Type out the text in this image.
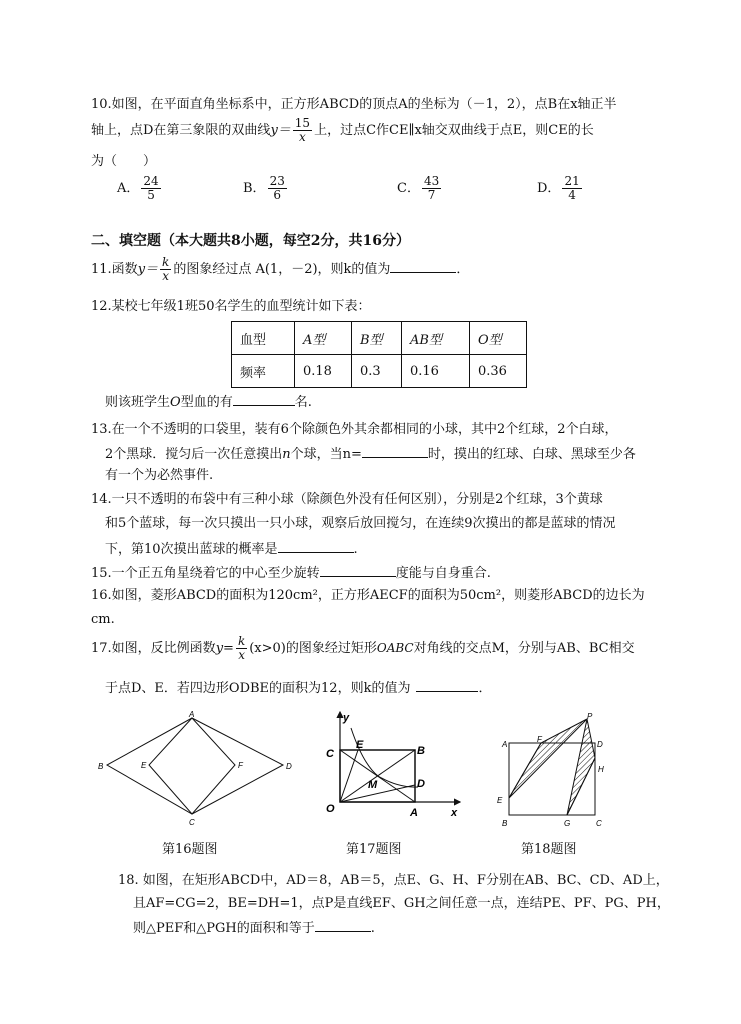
10.如图，在平面直角坐标系中，正方形ABCD的顶点A的坐标为（－1，2），点B在x轴正半
轴上，点D在第三象限的双曲线$y= \frac{15}{x}$ 上，过点C作CE∥x轴交双曲线于点E，则CE的长
为（　　）
A． $\frac{24}{5}$	B． $\frac{23}{6}$	C． $\frac{43}{7}$	D． $\frac{21}{4}$
二、填空题（本大题共8小题，每空2分，共16分）
11.函数$y= \frac{k}{x}$ 的图象经过点 A(1，－2)，则k的值为	．
12.某校七年级1班50名学生的血型统计如下表：
血型	A型	B型	AB型	O型
频率	0.18	0.3	0.16	0.36
则该班学生O型血的有	名.
13.在一个不透明的口袋里，装有6个除颜色外其余都相同的小球，其中2个红球，2个白球，
2个黑球．搅匀后一次任意摸出n个球，当n=	时，摸出的红球、白球、黑球至少各
有一个为必然事件.
14.一只不透明的布袋中有三种小球（除颜色外没有任何区别），分别是2个红球，3个黄球
和5个蓝球，每一次只摸出一只小球，观察后放回搅匀，在连续9次摸出的都是蓝球的情况
下，第10次摸出蓝球的概率是	.
15.一个正五角星绕着它的中心至少旋转	度能与自身重合.
16.如图，菱形ABCD的面积为120cm²，正方形AECF的面积为50cm²，则菱形ABCD的边长为
cm.
17.如图，反比例函数$y= \frac{k}{x} (x>0)$的图象经过矩形OABC对角线的交点M，分别与AB、BC相交
于点D、E．若四边形ODBE的面积为12，则k的值为	．
A
B
C
D
E	F
第16题图
y
x
O	A
B
C
D
E
M
第17题图
A
B	C
D
E
F
G
H
P
第18题图
18. 如图，在矩形ABCD中，AD＝8，AB＝5，点E、G、H、F分别在AB、BC、CD、AD上，
且AF=CG=2，BE=DH=1，点P是直线EF、GH之间任意一点，连结PE、PF、PG、PH，
则△PEF和△PGH的面积和等于	.
